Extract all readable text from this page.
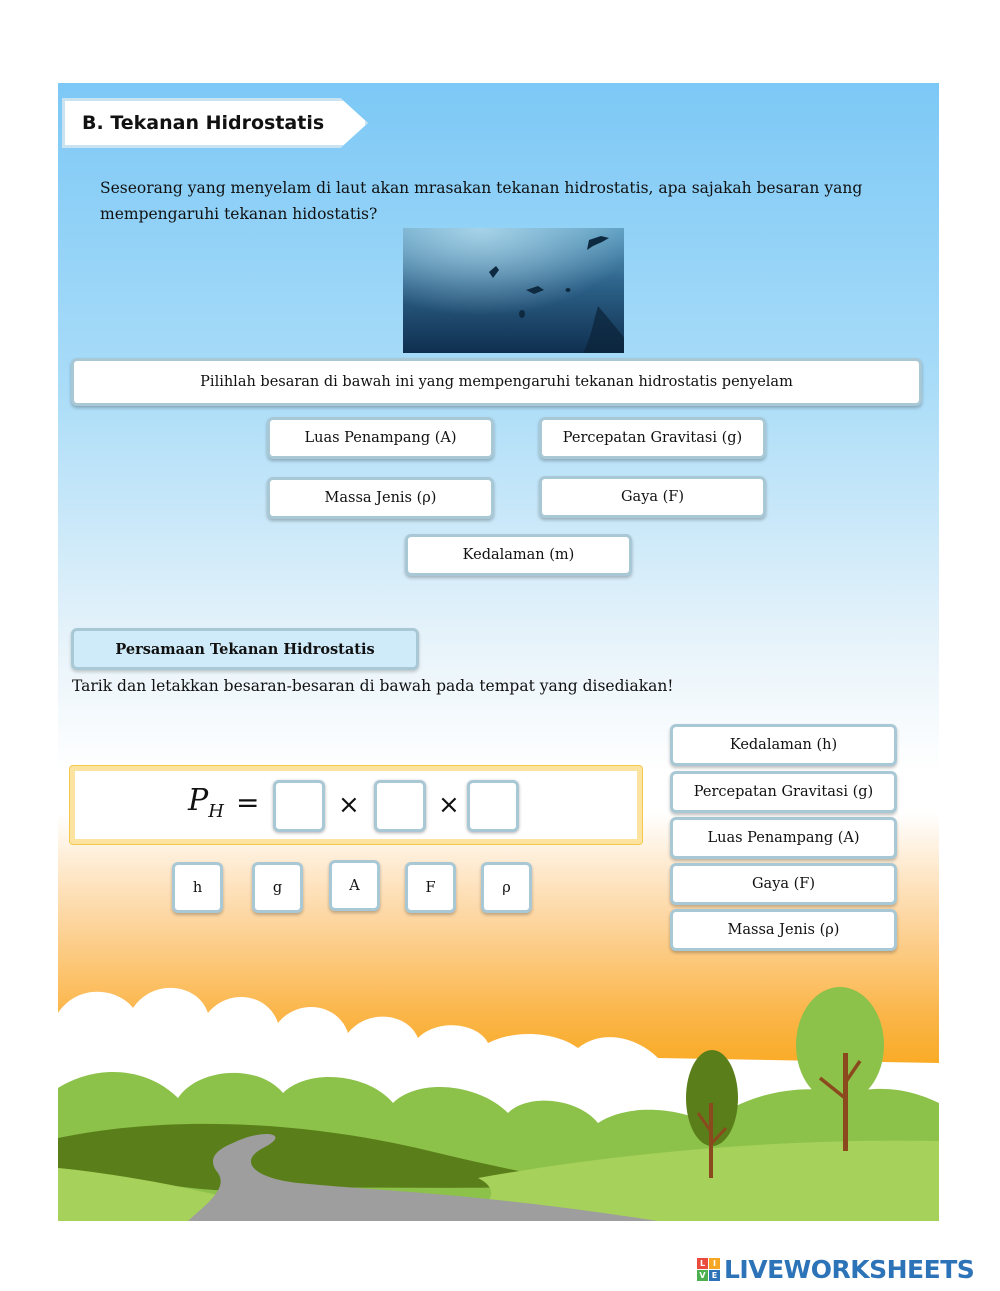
B. Tekanan Hidrostatis
Seseorang yang menyelam di laut akan mrasakan tekanan hidrostatis, apa sajakah besaran yang mempengaruhi tekanan hidostatis?
Pilihlah besaran di bawah ini yang mempengaruhi tekanan hidrostatis penyelam
Luas Penampang (A)	Percepatan Gravitasi (g)
Massa Jenis (ρ)	Gaya (F)
Kedalaman (m)
Persamaan Tekanan Hidrostatis
Tarik dan letakkan besaran-besaran di bawah pada tempat yang disediakan!
$P_H$ =	×	×
h	g	A	F	ρ
Kedalaman (h)
Percepatan Gravitasi (g)
Luas Penampang (A)
Gaya (F)
Massa Jenis (ρ)
L I
V E LIVEWORKSHEETS
